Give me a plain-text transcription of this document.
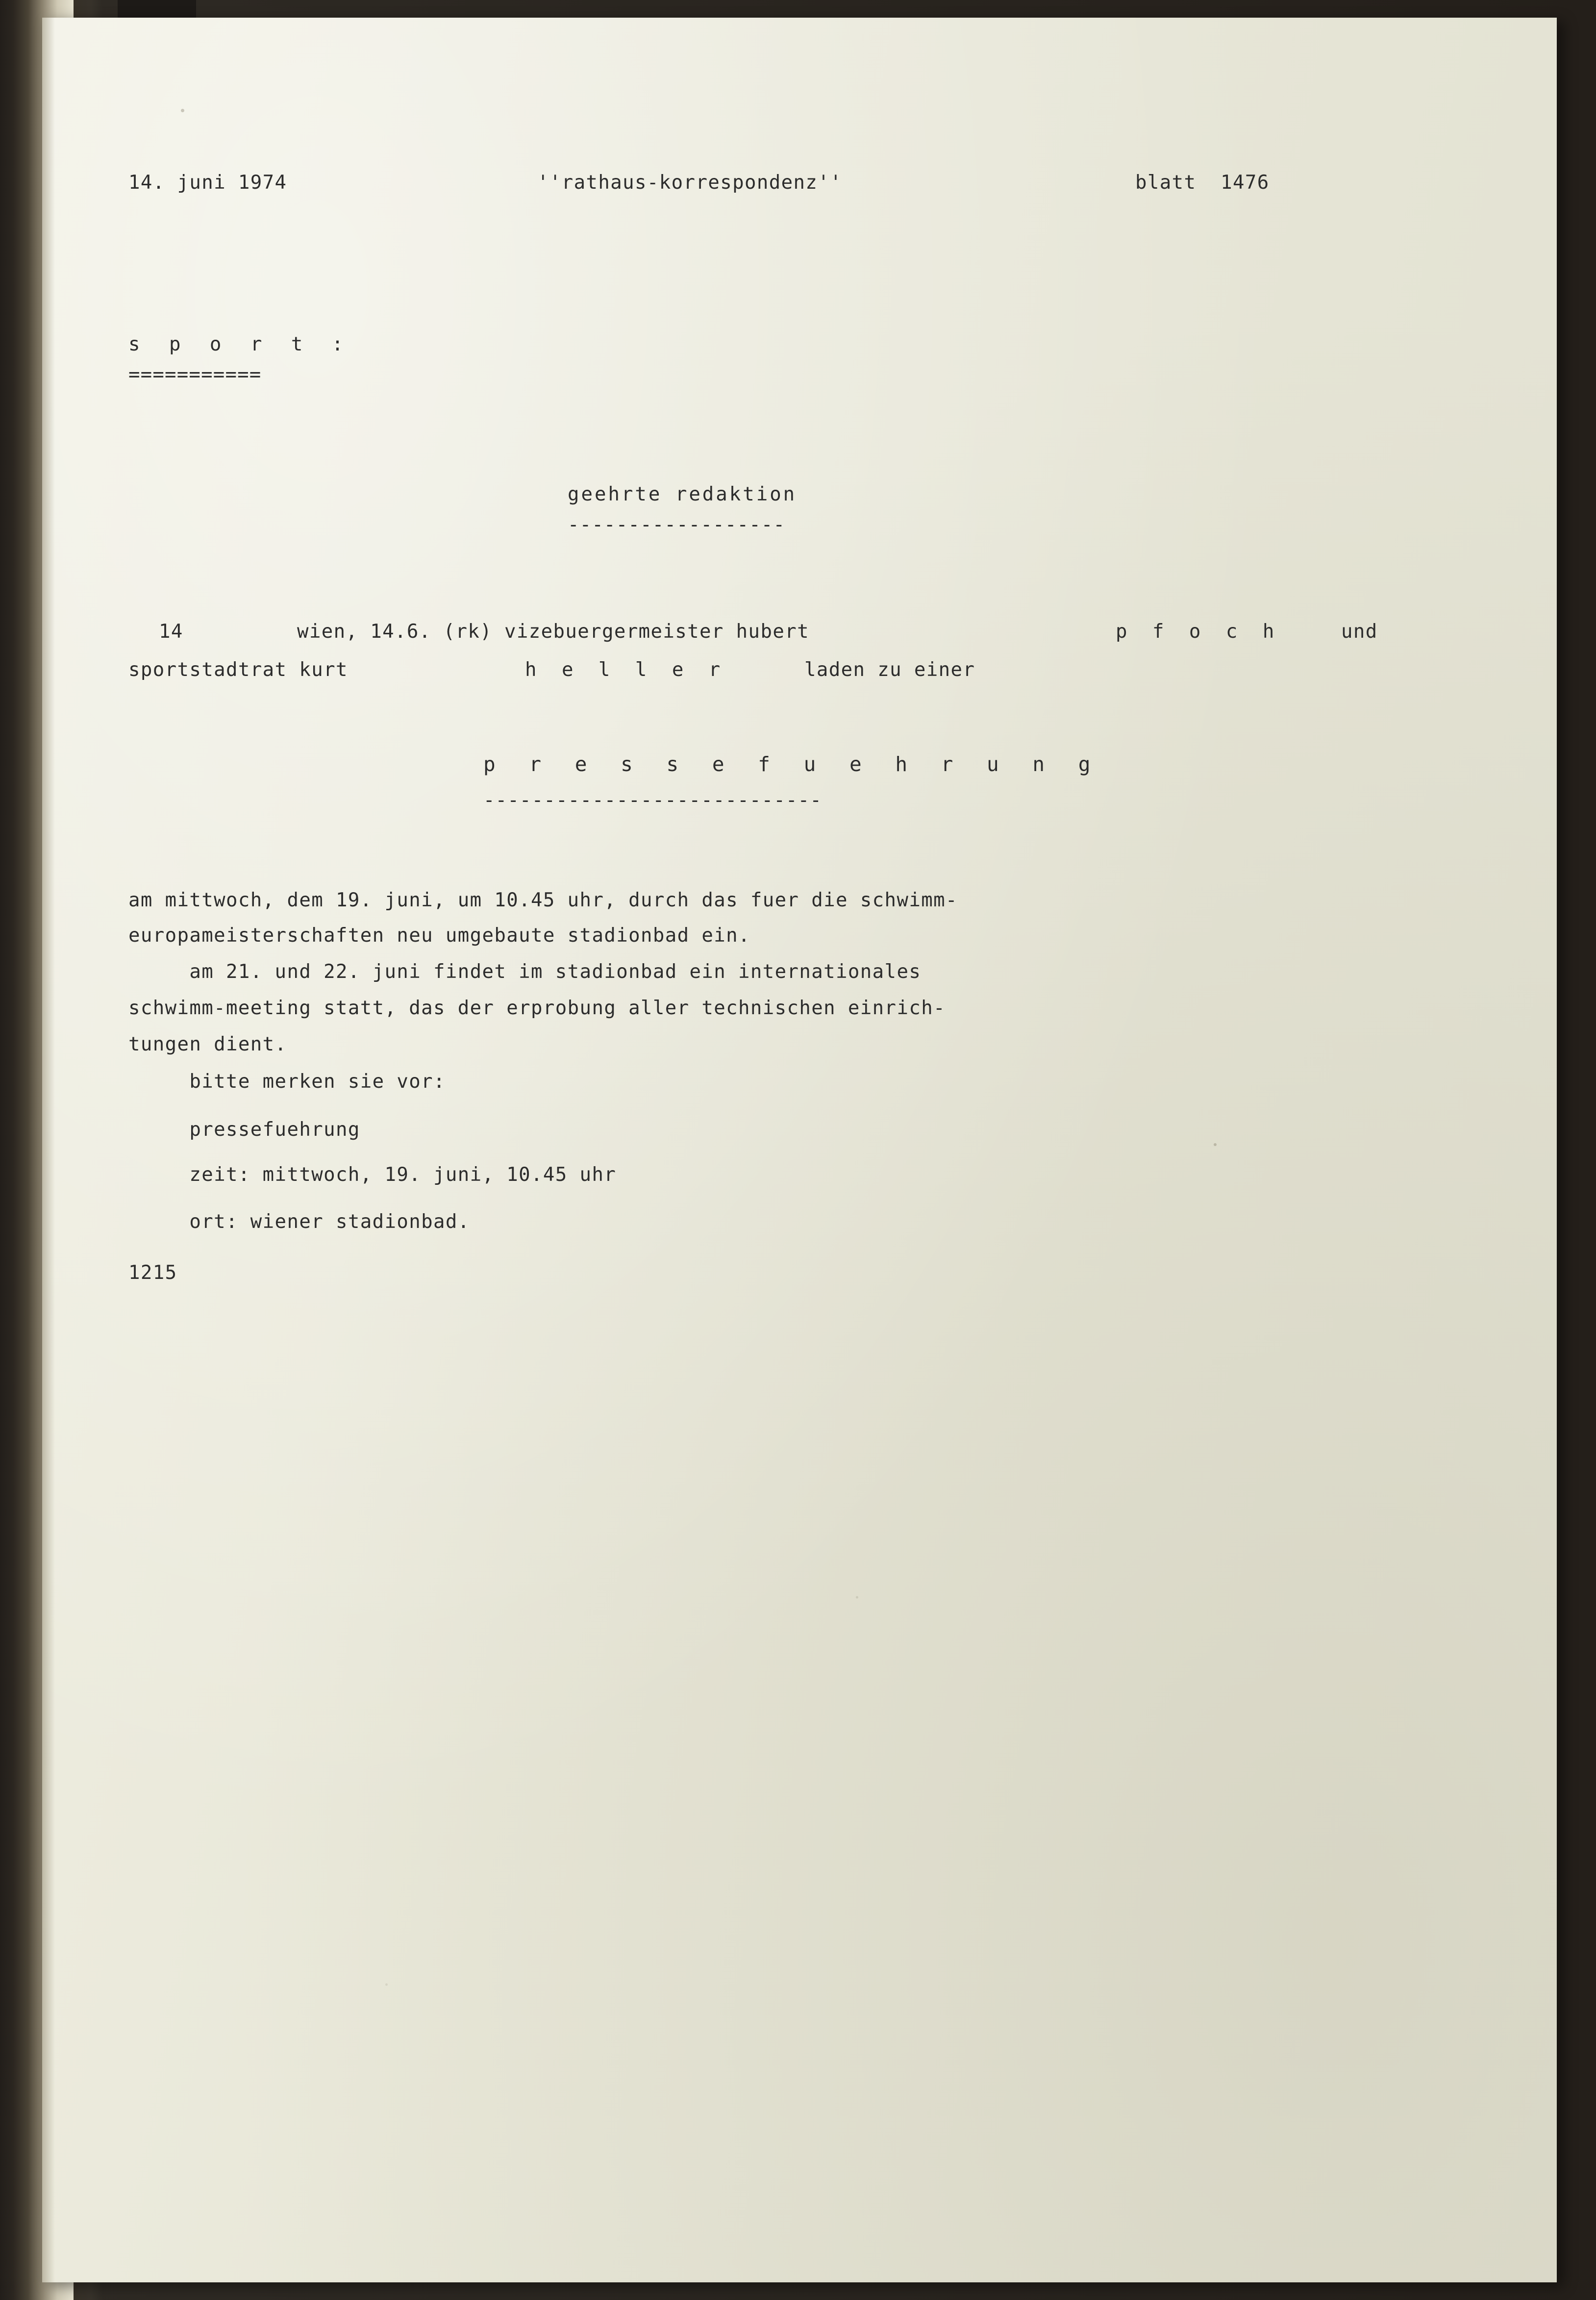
14. juni 1974

	''rathaus-korrespondenz''

	blatt  1476

s p o r t :

===========

geehrte redaktion

------------------

14

	wien, 14.6. (rk) vizebuergermeister hubert

	p f o c h

	und

sportstadtrat kurt

	h e l l e r

	laden zu einer

p r e s s e f u e h r u n g

----------------------------

am mittwoch, dem 19. juni, um 10.45 uhr, durch das fuer die schwimm-

europameisterschaften neu umgebaute stadionbad ein.

am 21. und 22. juni findet im stadionbad ein internationales

schwimm-meeting statt, das der erprobung aller technischen einrich-

tungen dient.

bitte merken sie vor:

pressefuehrung

zeit: mittwoch, 19. juni, 10.45 uhr

ort: wiener stadionbad.

1215
